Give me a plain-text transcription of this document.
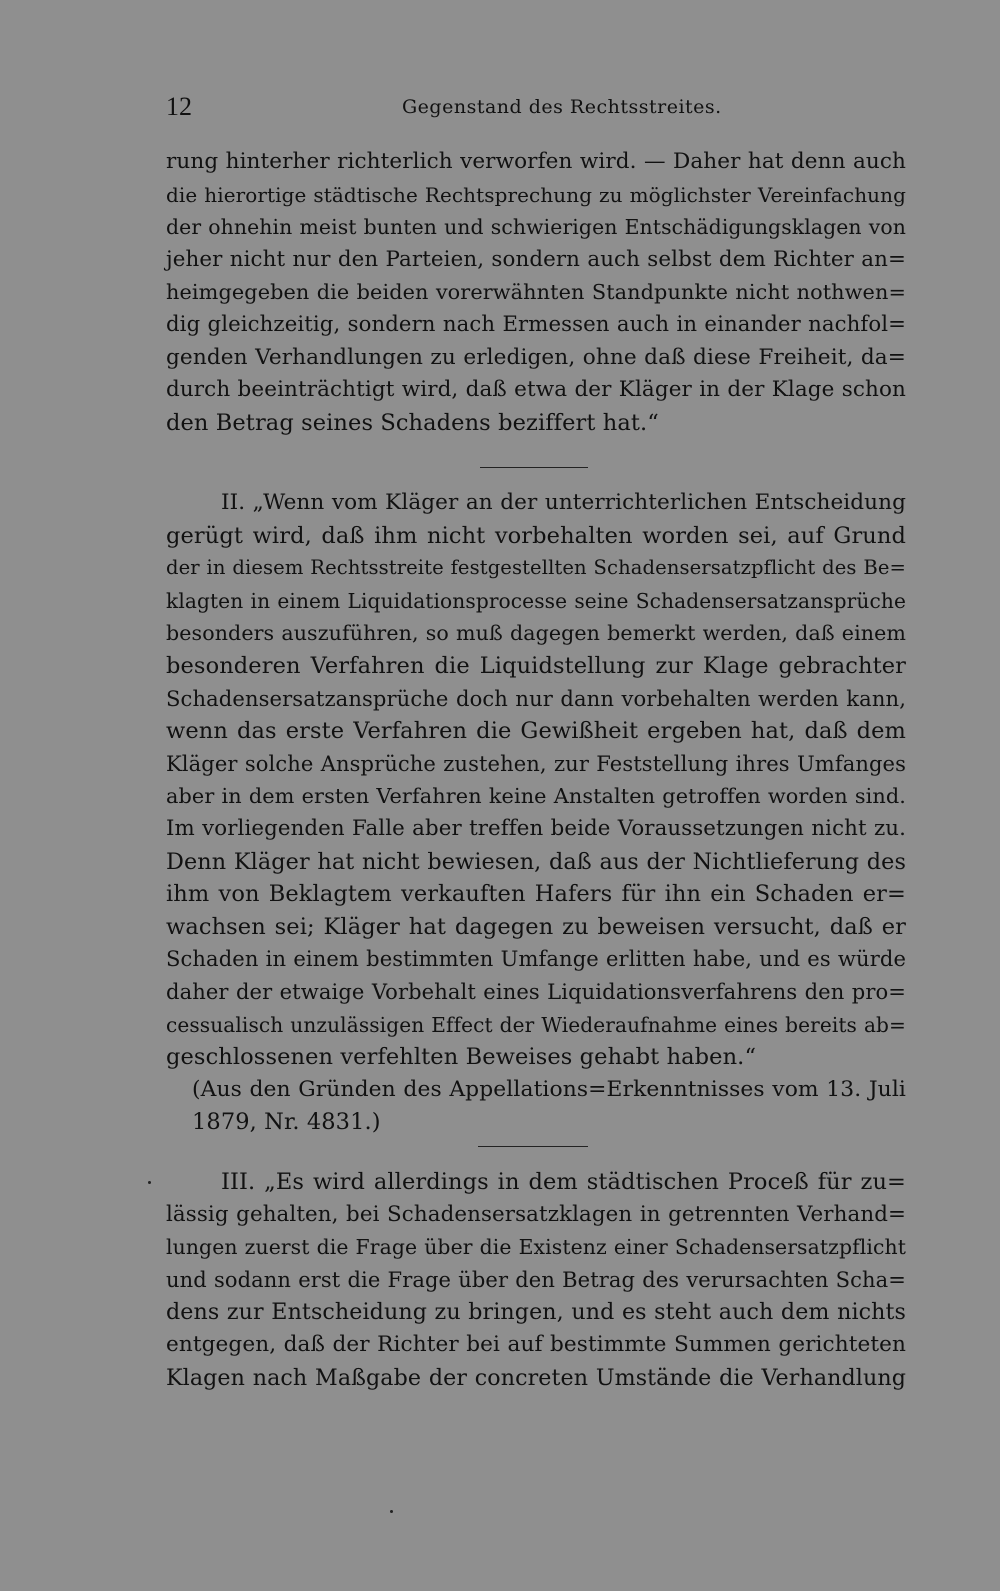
12	Gegenstand des Rechtsstreites.
rung hinterher richterlich verworfen wird. — Daher hat denn auch
die hierortige städtische Rechtsprechung zu möglichster Vereinfachung
der ohnehin meist bunten und schwierigen Entschädigungsklagen von
jeher nicht nur den Parteien, sondern auch selbst dem Richter an=
heimgegeben die beiden vorerwähnten Standpunkte nicht nothwen=
dig gleichzeitig, sondern nach Ermessen auch in einander nachfol=
genden Verhandlungen zu erledigen, ohne daß diese Freiheit, da=
durch beeinträchtigt wird, daß etwa der Kläger in der Klage schon
den Betrag seines Schadens beziffert hat.“
II. „Wenn vom Kläger an der unterrichterlichen Entscheidung
gerügt wird, daß ihm nicht vorbehalten worden sei, auf Grund
der in diesem Rechtsstreite festgestellten Schadensersatzpflicht des Be=
klagten in einem Liquidationsprocesse seine Schadensersatzansprüche
besonders auszuführen, so muß dagegen bemerkt werden, daß einem
besonderen Verfahren die Liquidstellung zur Klage gebrachter
Schadensersatzansprüche doch nur dann vorbehalten werden kann,
wenn das erste Verfahren die Gewißheit ergeben hat, daß dem
Kläger solche Ansprüche zustehen, zur Feststellung ihres Umfanges
aber in dem ersten Verfahren keine Anstalten getroffen worden sind.
Im vorliegenden Falle aber treffen beide Voraussetzungen nicht zu.
Denn Kläger hat nicht bewiesen, daß aus der Nichtlieferung des
ihm von Beklagtem verkauften Hafers für ihn ein Schaden er=
wachsen sei; Kläger hat dagegen zu beweisen versucht, daß er
Schaden in einem bestimmten Umfange erlitten habe, und es würde
daher der etwaige Vorbehalt eines Liquidationsverfahrens den pro=
cessualisch unzulässigen Effect der Wiederaufnahme eines bereits ab=
geschlossenen verfehlten Beweises gehabt haben.“
(Aus den Gründen des Appellations=Erkenntnisses vom 13. Juli
1879, Nr. 4831.)
III. „Es wird allerdings in dem städtischen Proceß für zu=
lässig gehalten, bei Schadensersatzklagen in getrennten Verhand=
lungen zuerst die Frage über die Existenz einer Schadensersatzpflicht
und sodann erst die Frage über den Betrag des verursachten Scha=
dens zur Entscheidung zu bringen, und es steht auch dem nichts
entgegen, daß der Richter bei auf bestimmte Summen gerichteten
Klagen nach Maßgabe der concreten Umstände die Verhandlung
